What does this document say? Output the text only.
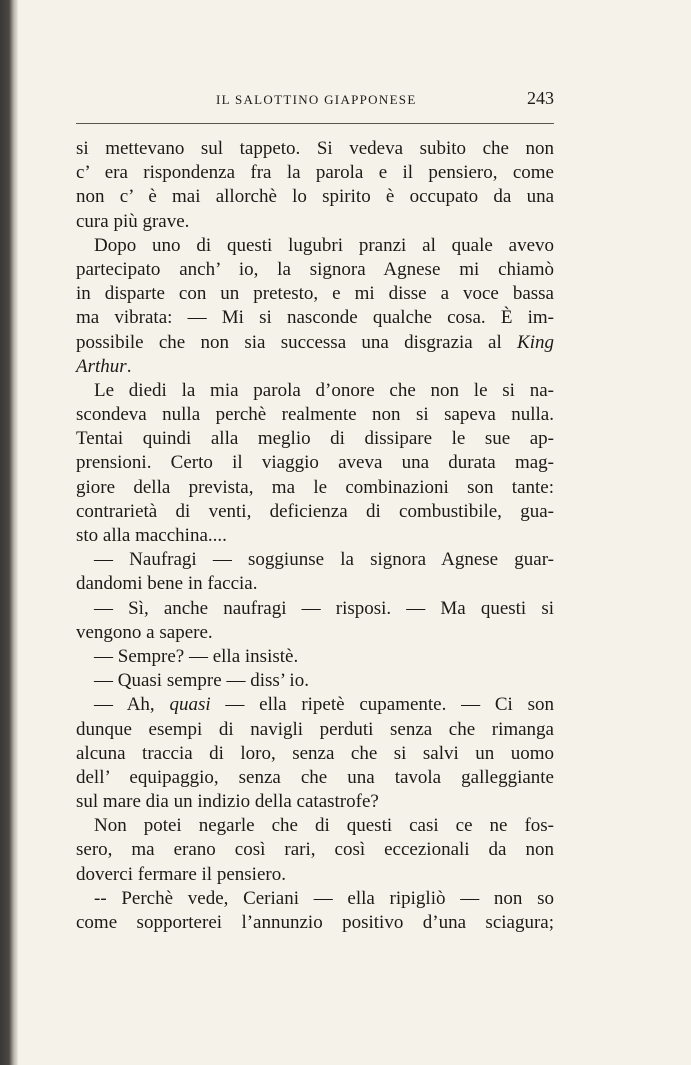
IL SALOTTINO GIAPPONESE	243
si mettevano sul tappeto. Si vedeva subito che non
c’ era rispondenza fra la parola e il pensiero, come
non c’ è mai allorchè lo spirito è occupato da una
cura più grave.
Dopo uno di questi lugubri pranzi al quale avevo
partecipato anch’ io, la signora Agnese mi chiamò
in disparte con un pretesto, e mi disse a voce bassa
ma vibrata: — Mi si nasconde qualche cosa. È im-
possibile che non sia successa una disgrazia al King
Arthur.
Le diedi la mia parola d’onore che non le si na-
scondeva nulla perchè realmente non si sapeva nulla.
Tentai quindi alla meglio di dissipare le sue ap-
prensioni. Certo il viaggio aveva una durata mag-
giore della prevista, ma le combinazioni son tante:
contrarietà di venti, deficienza di combustibile, gua-
sto alla macchina....
— Naufragi — soggiunse la signora Agnese guar-
dandomi bene in faccia.
— Sì, anche naufragi — risposi. — Ma questi si
vengono a sapere.
— Sempre? — ella insistè.
— Quasi sempre — diss’ io.
— Ah, quasi — ella ripetè cupamente. — Ci son
dunque esempi di navigli perduti senza che rimanga
alcuna traccia di loro, senza che si salvi un uomo
dell’ equipaggio, senza che una tavola galleggiante
sul mare dia un indizio della catastrofe?
Non potei negarle che di questi casi ce ne fos-
sero, ma erano così rari, così eccezionali da non
doverci fermare il pensiero.
-- Perchè vede, Ceriani — ella ripigliò — non so
come sopporterei l’annunzio positivo d’una sciagura;
